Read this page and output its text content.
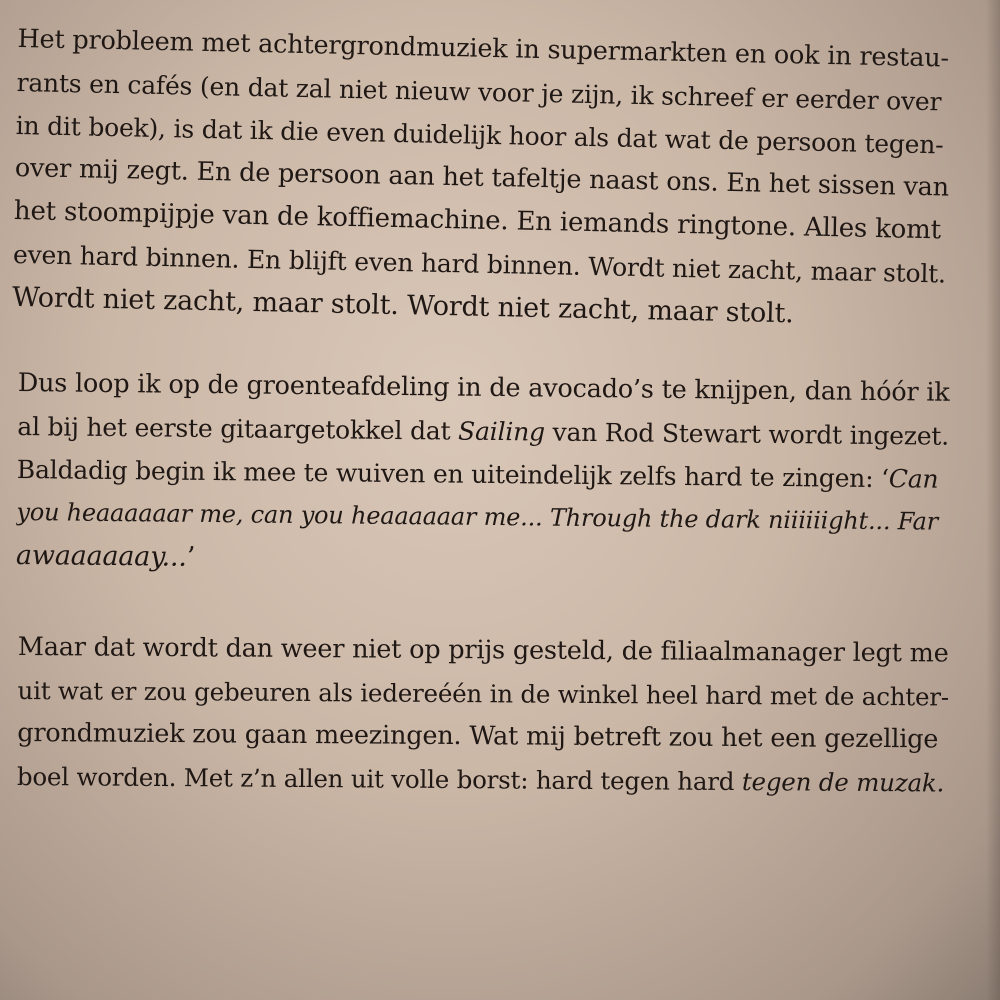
Het probleem met achtergrondmuziek in supermarkten en ook in restau-
rants en cafés (en dat zal niet nieuw voor je zijn, ik schreef er eerder over
in dit boek), is dat ik die even duidelijk hoor als dat wat de persoon tegen-
over mij zegt. En de persoon aan het tafeltje naast ons. En het sissen van
het stoompijpje van de koffiemachine. En iemands ringtone. Alles komt
even hard binnen. En blijft even hard binnen. Wordt niet zacht, maar stolt.
Wordt niet zacht, maar stolt. Wordt niet zacht, maar stolt.
Dus loop ik op de groenteafdeling in de avocado’s te knijpen, dan hóór ik
al bij het eerste gitaargetokkel dat Sailing van Rod Stewart wordt ingezet.
Baldadig begin ik mee te wuiven en uiteindelijk zelfs hard te zingen: ‘Can
you heaaaaaar me, can you heaaaaaar me... Through the dark niiiiiight... Far
awaaaaaay...’
Maar dat wordt dan weer niet op prijs gesteld, de filiaalmanager legt me
uit wat er zou gebeuren als iedereéén in de winkel heel hard met de achter-
grondmuziek zou gaan meezingen. Wat mij betreft zou het een gezellige
boel worden. Met z’n allen uit volle borst: hard tegen hard tegen de muzak.
